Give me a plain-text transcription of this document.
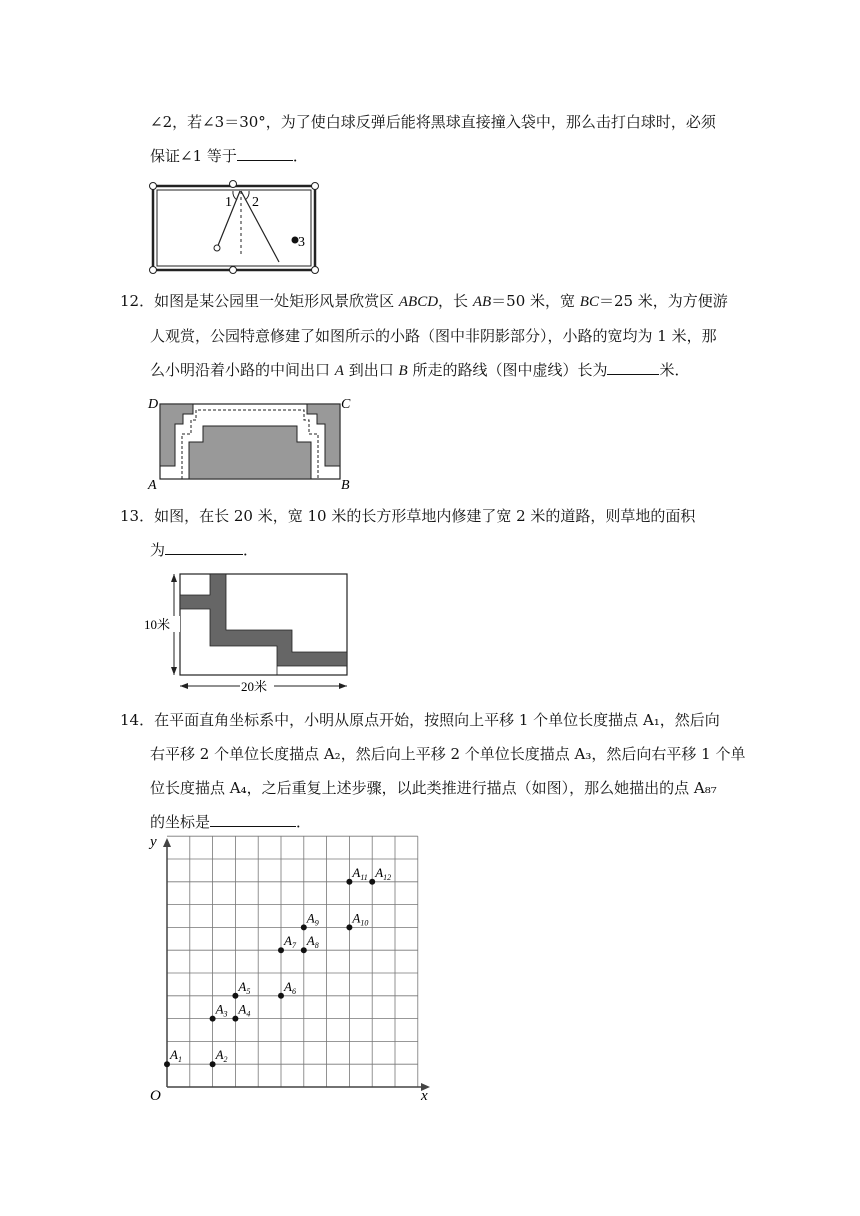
∠2，若∠3＝30°，为了使白球反弹后能将黑球直接撞入袋中，那么击打白球时，必须
保证∠1 等于	．
1 2
3
12．如图是某公园里一处矩形风景欣赏区 ABCD，长 AB＝50 米，宽 BC＝25 米，为方便游
人观赏，公园特意修建了如图所示的小路（图中非阴影部分），小路的宽均为 1 米，那
么小明沿着小路的中间出口 A 到出口 B 所走的路线（图中虚线）长为	米．
D	C
A	B
13．如图，在长 20 米，宽 10 米的长方形草地内修建了宽 2 米的道路，则草地的面积
为	．
10米
20米
14．在平面直角坐标系中，小明从原点开始，按照向上平移 1 个单位长度描点 A₁，然后向
右平移 2 个单位长度描点 A₂，然后向上平移 2 个单位长度描点 A₃，然后向右平移 1 个单
位长度描点 A₄，之后重复上述步骤，以此类推进行描点（如图），那么她描出的点 A₈₇
的坐标是	．
x
y
O
$A_1$	$A_2$
$A_3$ $A_4$
$A_5$	$A_6$
$A_7$ $A_8$
$A_9$	$A_{10}$
$A_{11}$ $A_{12}$
